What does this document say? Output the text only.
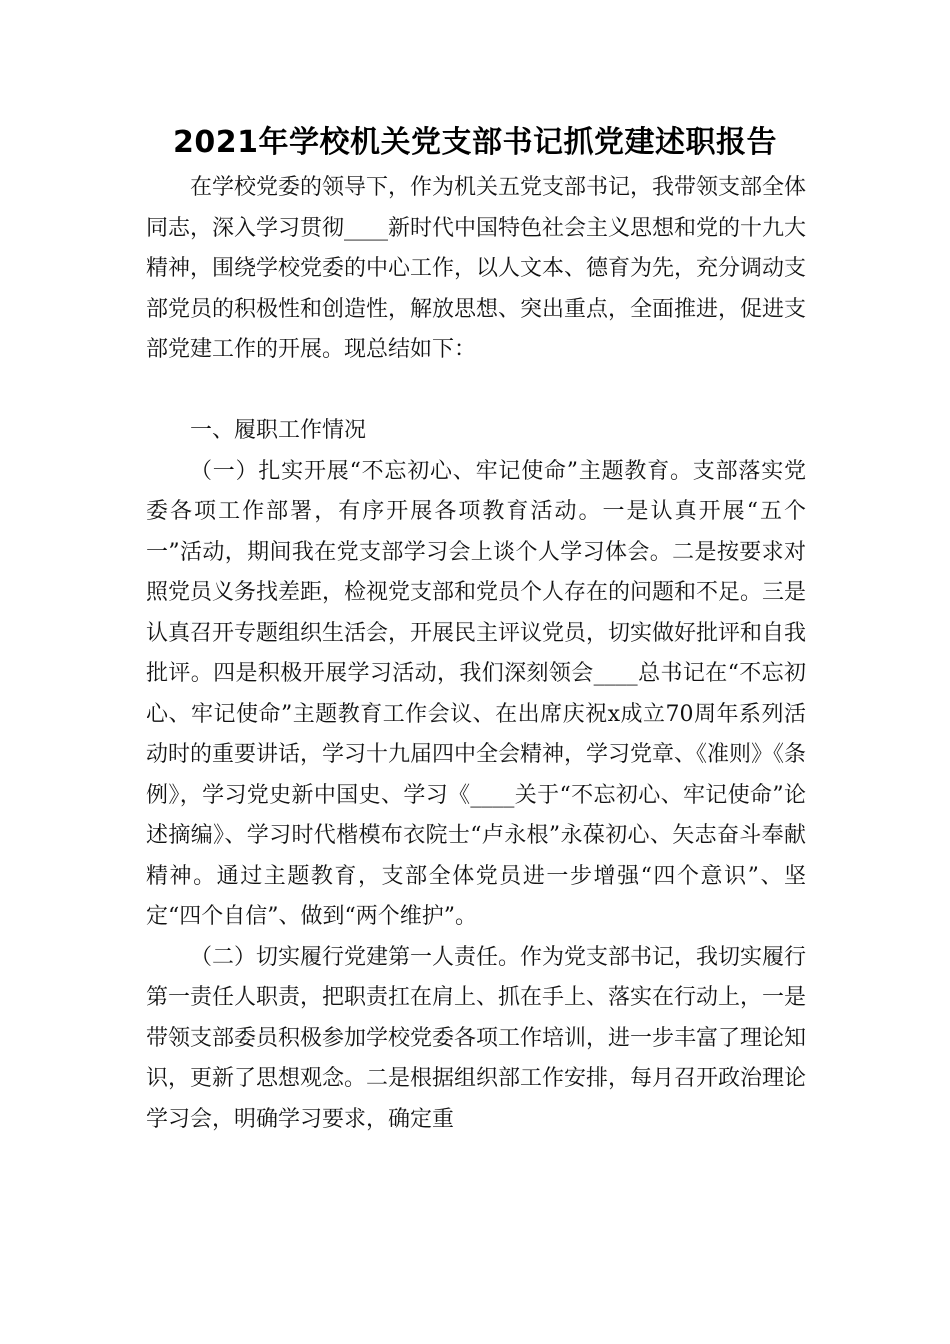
2021年学校机关党支部书记抓党建述职报告

在学校党委的领导下，作为机关五党支部书记，我带领支部全体同志，深入学习贯彻____新时代中国特色社会主义思想和党的十九大精神，围绕学校党委的中心工作，以人文本、德育为先，充分调动支部党员的积极性和创造性，解放思想、突出重点，全面推进，促进支部党建工作的开展。现总结如下：

一、履职工作情况

（一）扎实开展“不忘初心、牢记使命”主题教育。支部落实党委各项工作部署，有序开展各项教育活动。一是认真开展“五个一”活动，期间我在党支部学习会上谈个人学习体会。二是按要求对照党员义务找差距，检视党支部和党员个人存在的问题和不足。三是认真召开专题组织生活会，开展民主评议党员，切实做好批评和自我批评。四是积极开展学习活动，我们深刻领会____总书记在“不忘初心、牢记使命”主题教育工作会议、在出席庆祝x成立70周年系列活动时的重要讲话，学习十九届四中全会精神，学习党章、《准则》《条例》，学习党史新中国史、学习《____关于“不忘初心、牢记使命”论述摘编》、学习时代楷模布衣院士“卢永根”永葆初心、矢志奋斗奉献精神。通过主题教育，支部全体党员进一步增强“四个意识”、坚定“四个自信”、做到“两个维护”。

（二）切实履行党建第一人责任。作为党支部书记，我切实履行第一责任人职责，把职责扛在肩上、抓在手上、落实在行动上，一是带领支部委员积极参加学校党委各项工作培训，进一步丰富了理论知识，更新了思想观念。二是根据组织部工作安排，每月召开政治理论学习会，明确学习要求，确定重
